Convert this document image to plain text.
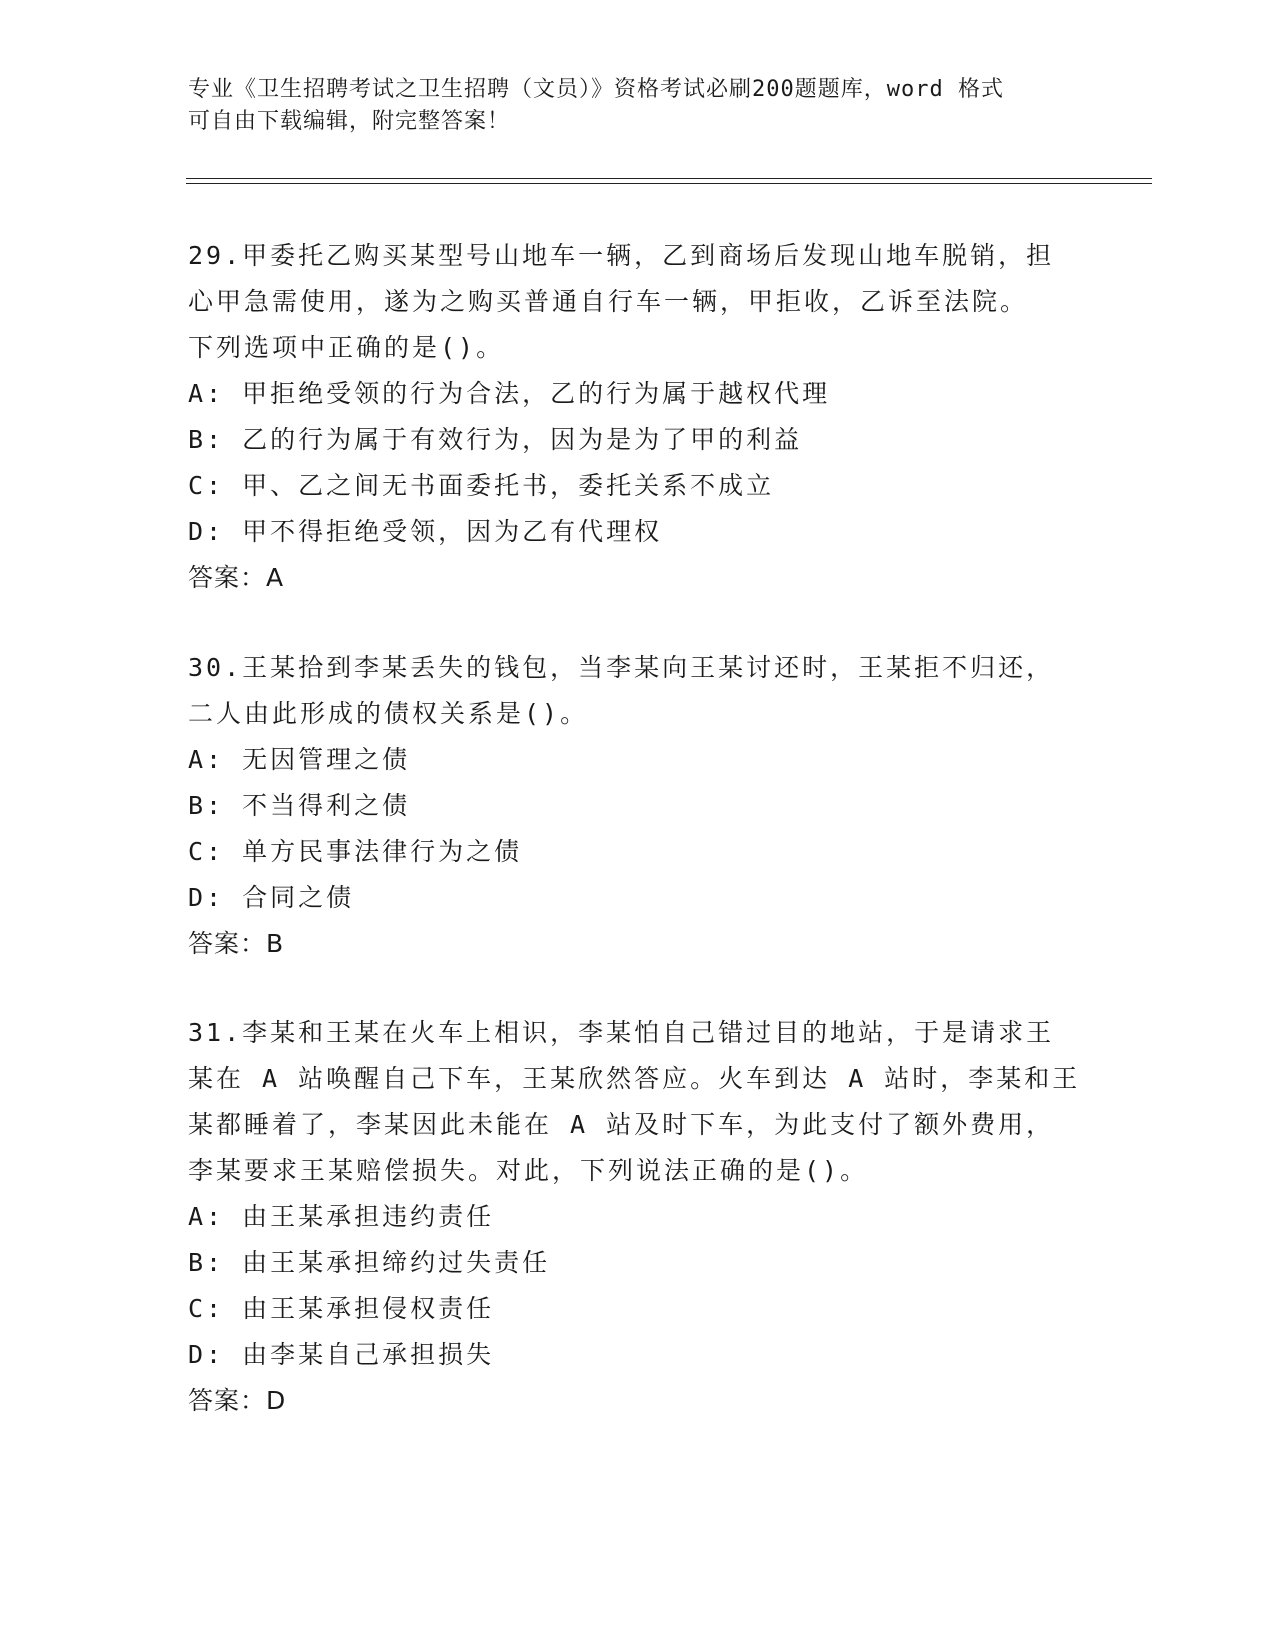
专业《卫生招聘考试之卫生招聘（文员）》资格考试必刷200题题库，word 格式
可自由下载编辑，附完整答案！

29.甲委托乙购买某型号山地车一辆，乙到商场后发现山地车脱销，担

心甲急需使用，遂为之购买普通自行车一辆，甲拒收，乙诉至法院。

下列选项中正确的是()。

A: 甲拒绝受领的行为合法，乙的行为属于越权代理

B: 乙的行为属于有效行为，因为是为了甲的利益

C: 甲、乙之间无书面委托书，委托关系不成立

D: 甲不得拒绝受领，因为乙有代理权

答案：A

30.王某拾到李某丢失的钱包，当李某向王某讨还时，王某拒不归还，

二人由此形成的债权关系是()。

A: 无因管理之债

B: 不当得利之债

C: 单方民事法律行为之债

D: 合同之债

答案：B

31.李某和王某在火车上相识，李某怕自己错过目的地站，于是请求王

某在 A 站唤醒自己下车，王某欣然答应。火车到达 A 站时，李某和王

某都睡着了，李某因此未能在 A 站及时下车，为此支付了额外费用，

李某要求王某赔偿损失。对此，下列说法正确的是()。

A: 由王某承担违约责任

B: 由王某承担缔约过失责任

C: 由王某承担侵权责任

D: 由李某自己承担损失

答案：D
